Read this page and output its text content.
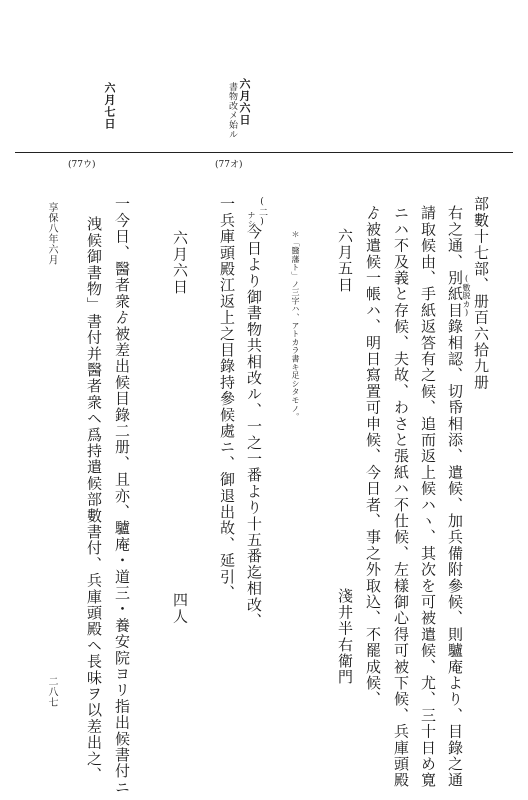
六月七日	六月六日
書物改メ始ル
(77ウ)	(77オ)
部數十七部、册百六拾九册
(數脱カ)
右之通、別紙目錄相認、切帋相添、遣候、加兵備附參候、則驢庵より、目錄之通
請取候由、手紙返答有之候、追而返上候ハヽ、其次を可被遣候、尤、三十日め寛
ニハ不及義と存候、夫故、わさと張紙ハ不仕候、左樣御心得可被下候、兵庫頭殿
ゟ被遣候一帳ハ、明日寫置可申候、今日者、事之外取込、不罷成候、
六月五日
淺井半右衛門
＊「醫藩ト」ノ三字ハ、アトカラ書キ足シタモノ。
(二)
ナシ
今日より御書物共相改ル、一之一番より十五番迄相改、
一兵庫頭殿江返上之目錄持參候處ニ、御退出故、延引、
六月六日
四人
一今日、醫者衆ゟ被差出候目錄二册、且亦、驢庵・道三・養安院ヨリ指出候書付ニ
洩候御書物」書付并醫者衆ヘ爲持遣候部數書付、兵庫頭殿ヘ長味ヲ以差出之、
享保八年六月
二八七
